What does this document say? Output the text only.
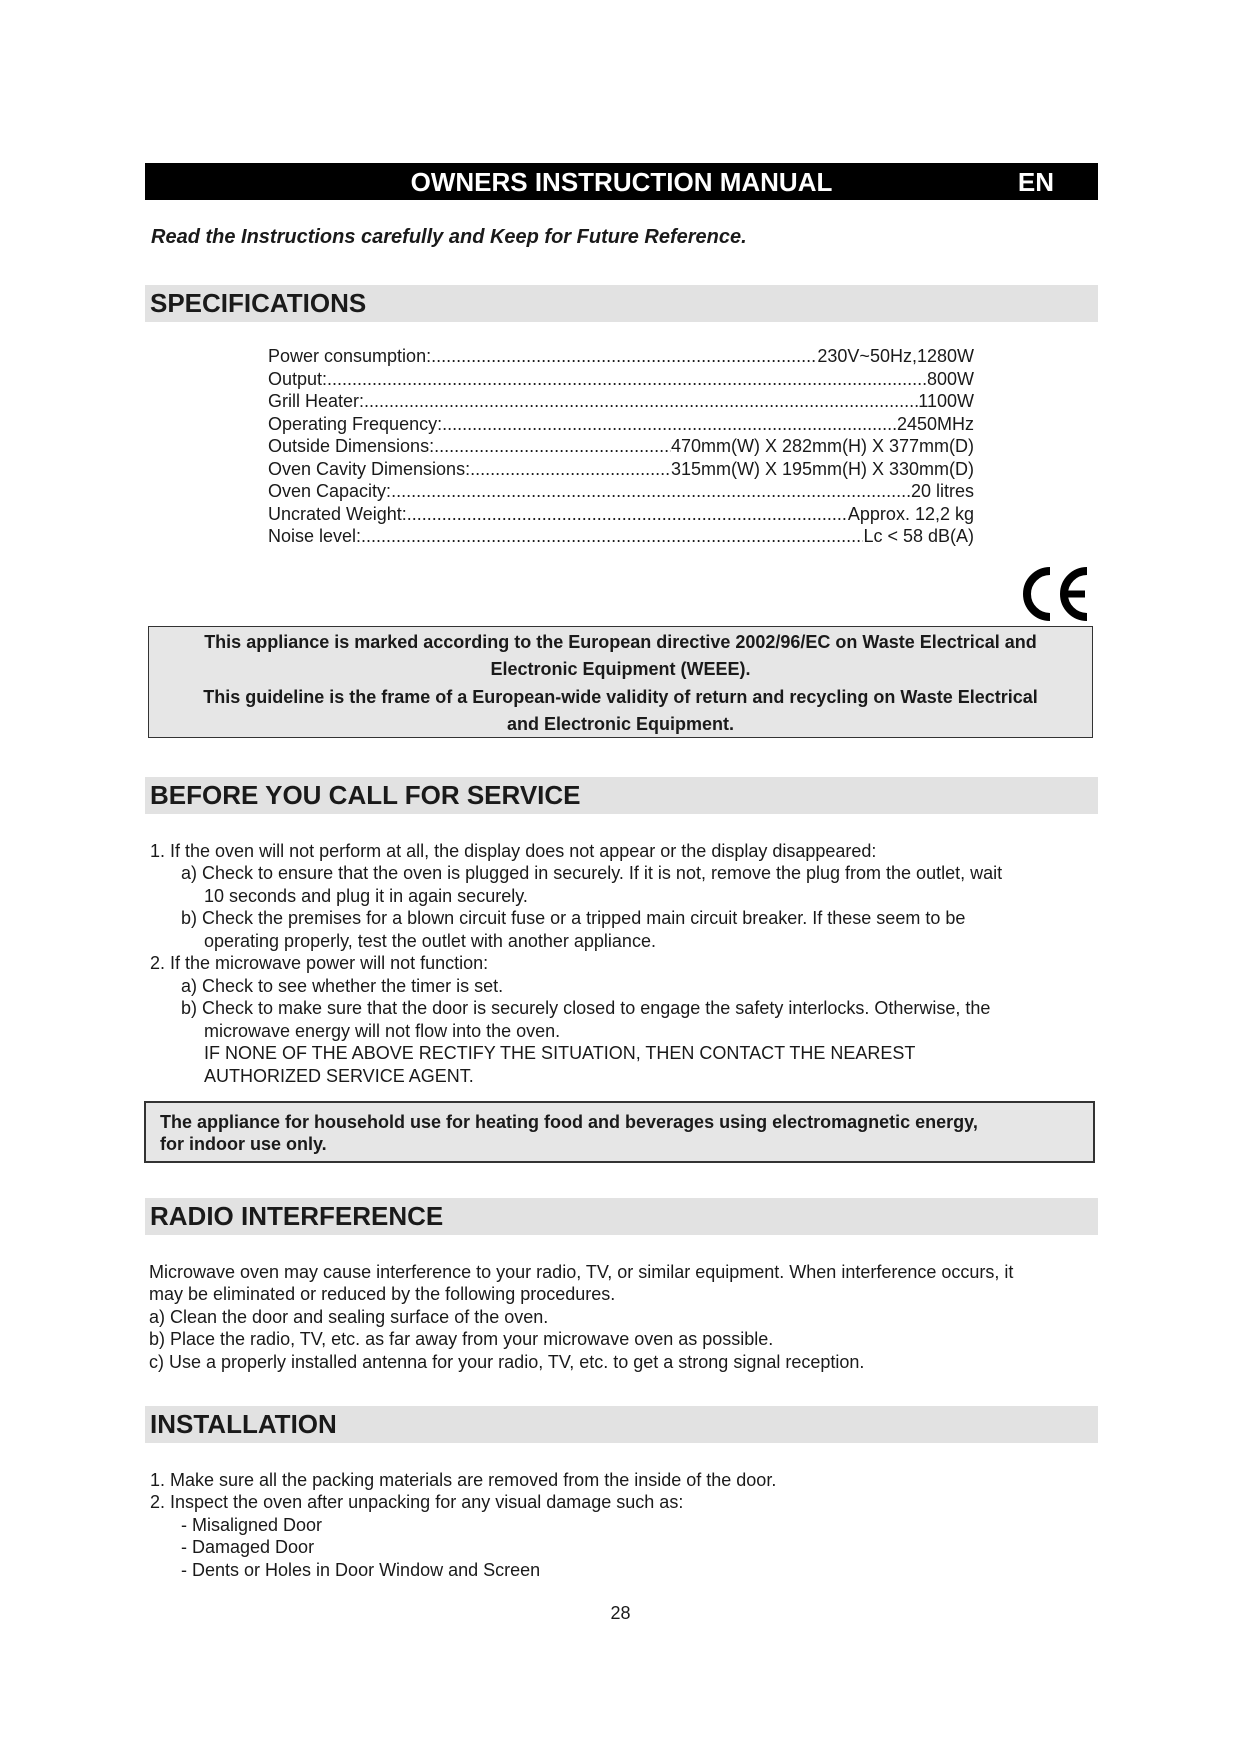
OWNERS INSTRUCTION MANUAL	EN
Read the Instructions carefully and Keep for Future Reference.
SPECIFICATIONS
Power consumption: .....	230V~50Hz,1280W
Output: .....	800W
Grill Heater: .....	1100W
Operating Frequency: .....	2450MHz
Outside Dimensions: .....	470mm(W) X 282mm(H) X 377mm(D)
Oven Cavity Dimensions: .....	315mm(W) X 195mm(H) X 330mm(D)
Oven Capacity: .....	20 litres
Uncrated Weight: .....	Approx. 12,2 kg
Noise level: .....	Lc < 58 dB(A)

This appliance is marked according to the European directive 2002/96/EC on Waste Electrical and

Electronic Equipment (WEEE).

This guideline is the frame of a European-wide validity of return and recycling on Waste Electrical

and Electronic Equipment.

BEFORE YOU CALL FOR SERVICE
1. If the oven will not perform at all, the display does not appear or the display disappeared:
a) Check to ensure that the oven is plugged in securely. If it is not, remove the plug from the outlet, wait
10 seconds and plug it in again securely.
b) Check the premises for a blown circuit fuse or a tripped main circuit breaker. If these seem to be
operating properly, test the outlet with another appliance.
2. If the microwave power will not function:
a) Check to see whether the timer is set.
b) Check to make sure that the door is securely closed to engage the safety interlocks. Otherwise, the
microwave energy will not flow into the oven.
IF NONE OF THE ABOVE RECTIFY THE SITUATION, THEN CONTACT THE NEAREST
AUTHORIZED SERVICE AGENT.
The appliance for household use for heating food and beverages using electromagnetic energy,
for indoor use only.
RADIO INTERFERENCE
Microwave oven may cause interference to your radio, TV, or similar equipment. When interference occurs, it
may be eliminated or reduced by the following procedures.
a) Clean the door and sealing surface of the oven.
b) Place the radio, TV, etc. as far away from your microwave oven as possible.
c) Use a properly installed antenna for your radio, TV, etc. to get a strong signal reception.
INSTALLATION
1. Make sure all the packing materials are removed from the inside of the door.
2. Inspect the oven after unpacking for any visual damage such as:
- Misaligned Door
- Damaged Door
- Dents or Holes in Door Window and Screen
28
